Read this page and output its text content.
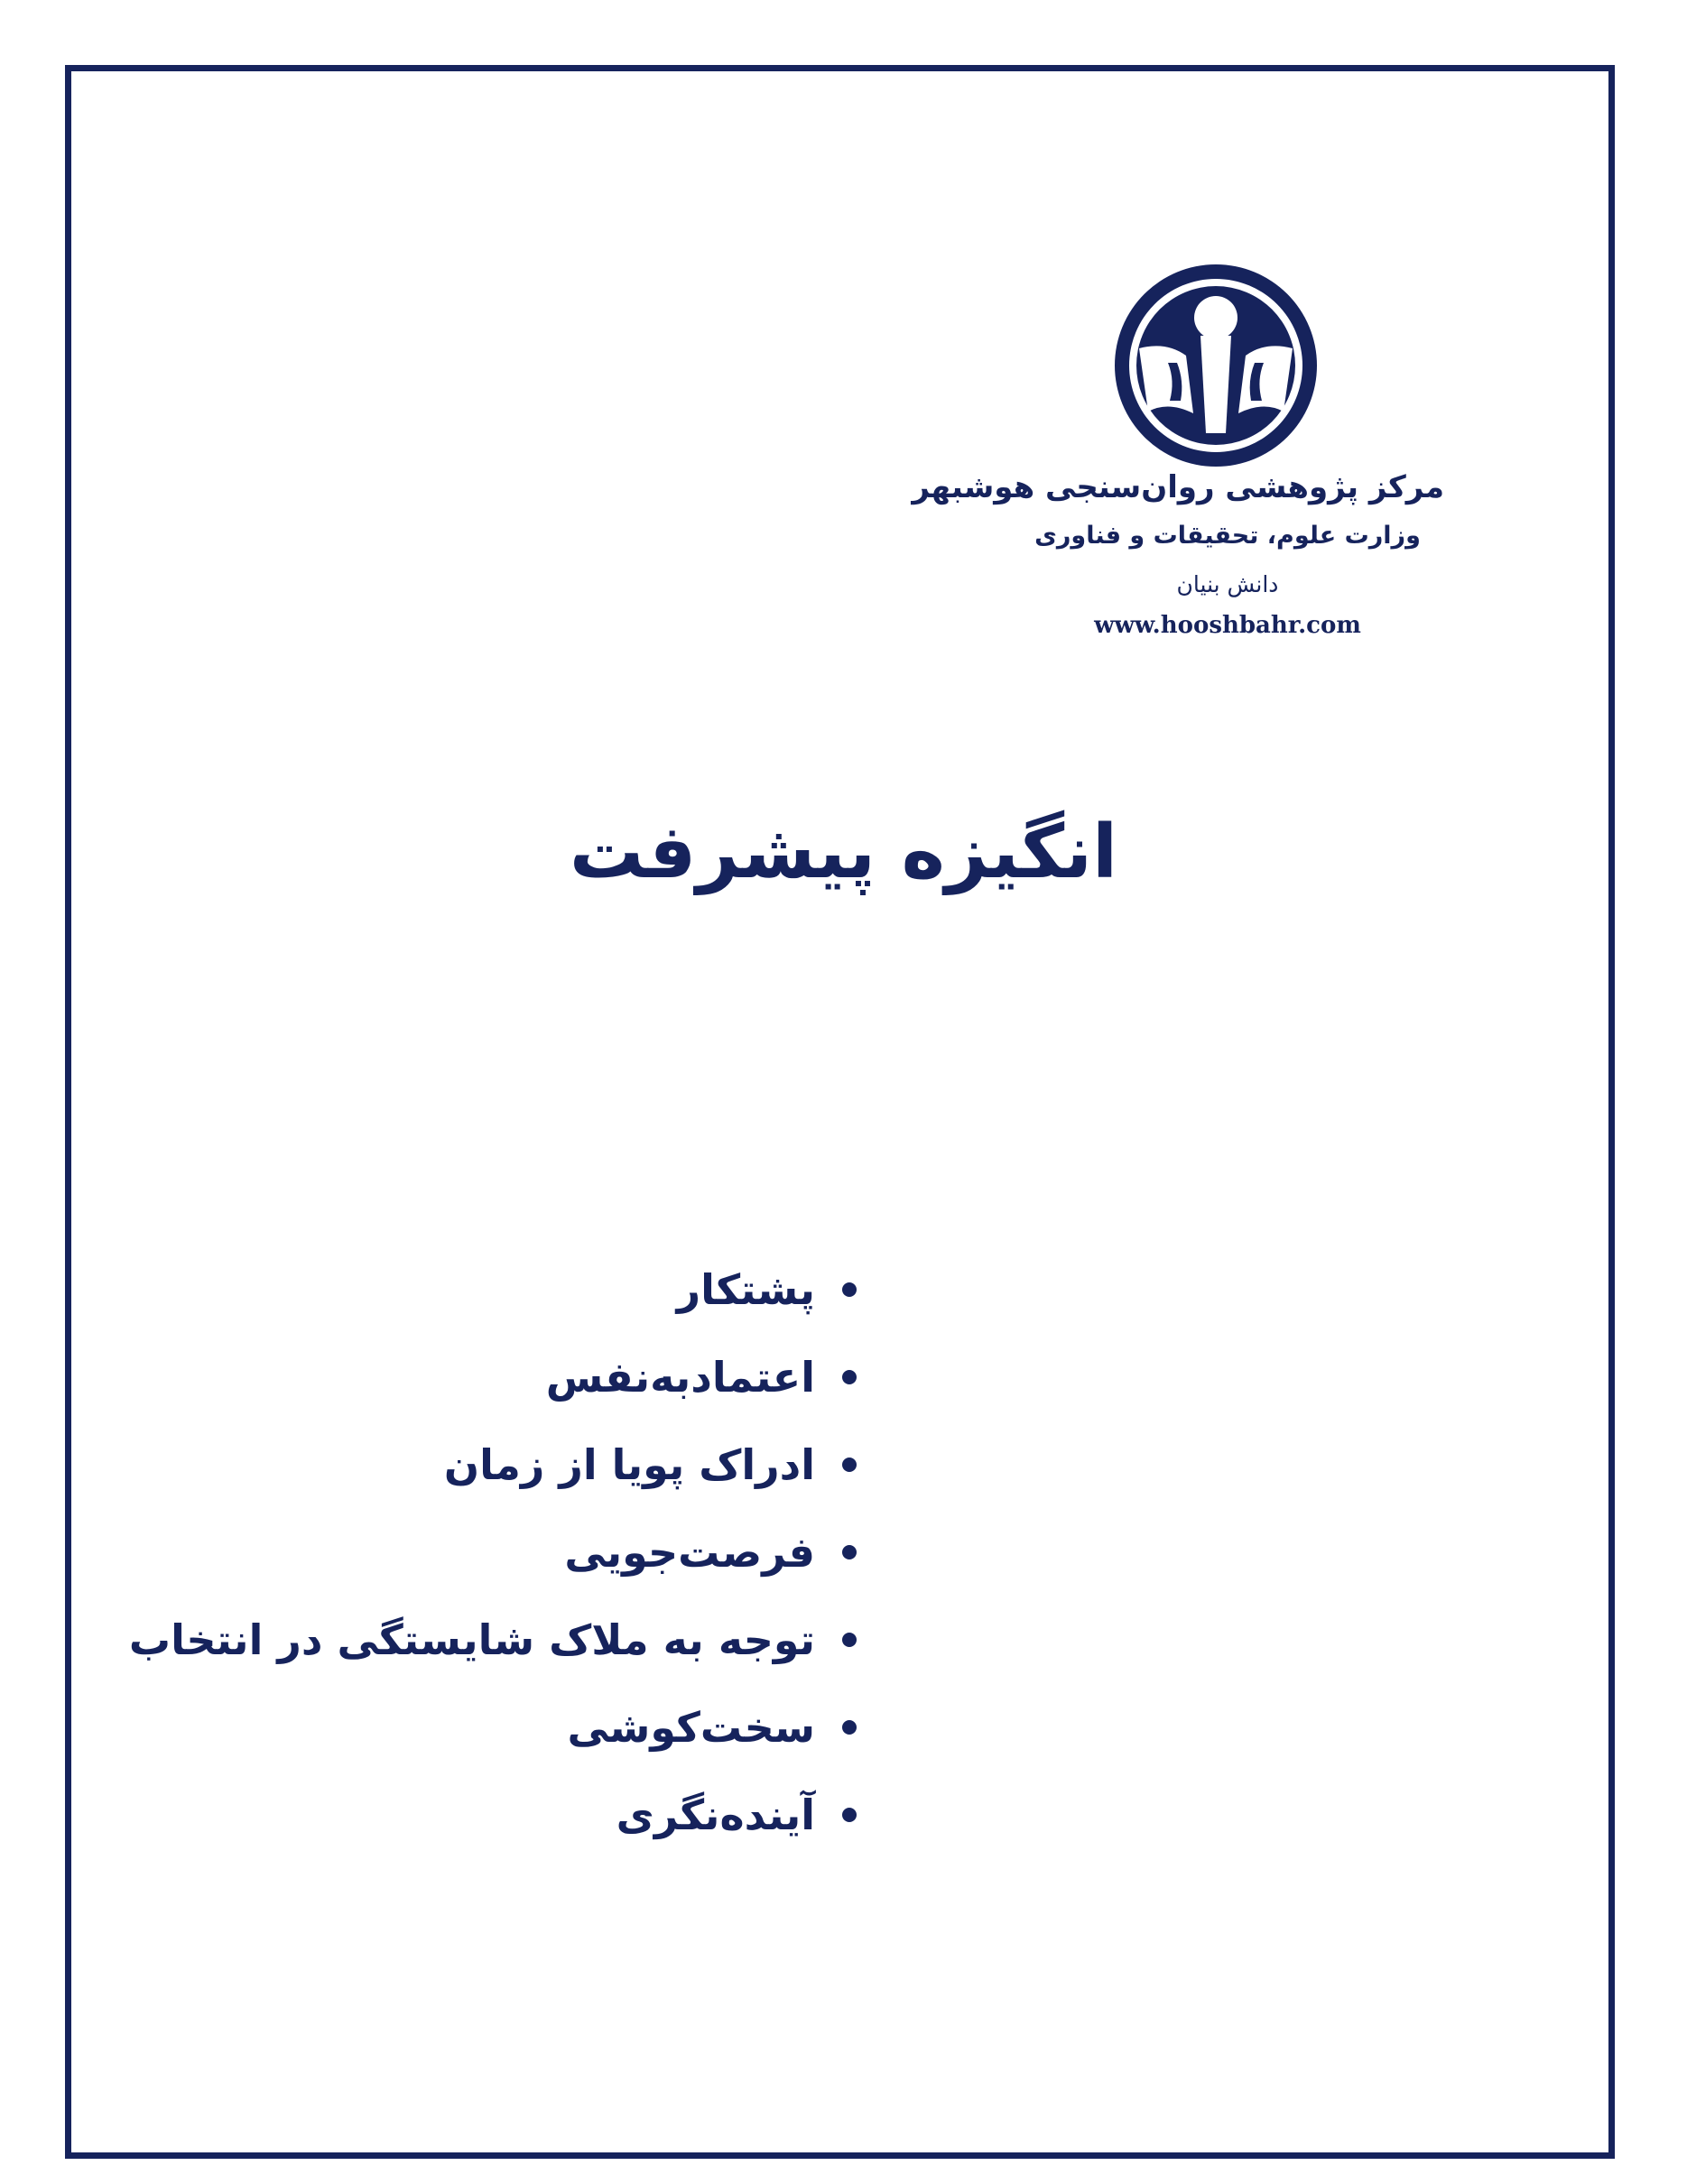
مرکز پژوهشی روان‌سنجی هوشبهر
وزارت علوم، تحقیقات و فناوری
دانش بنیان
www.hooshbahr.com
انگیزه پیشرفت
پشتکار
اعتمادبه‌نفس
ادراک پویا از زمان
فرصت‌جویی
توجه به ملاک شایستگی در انتخاب
سخت‌کوشی
آینده‌نگری
